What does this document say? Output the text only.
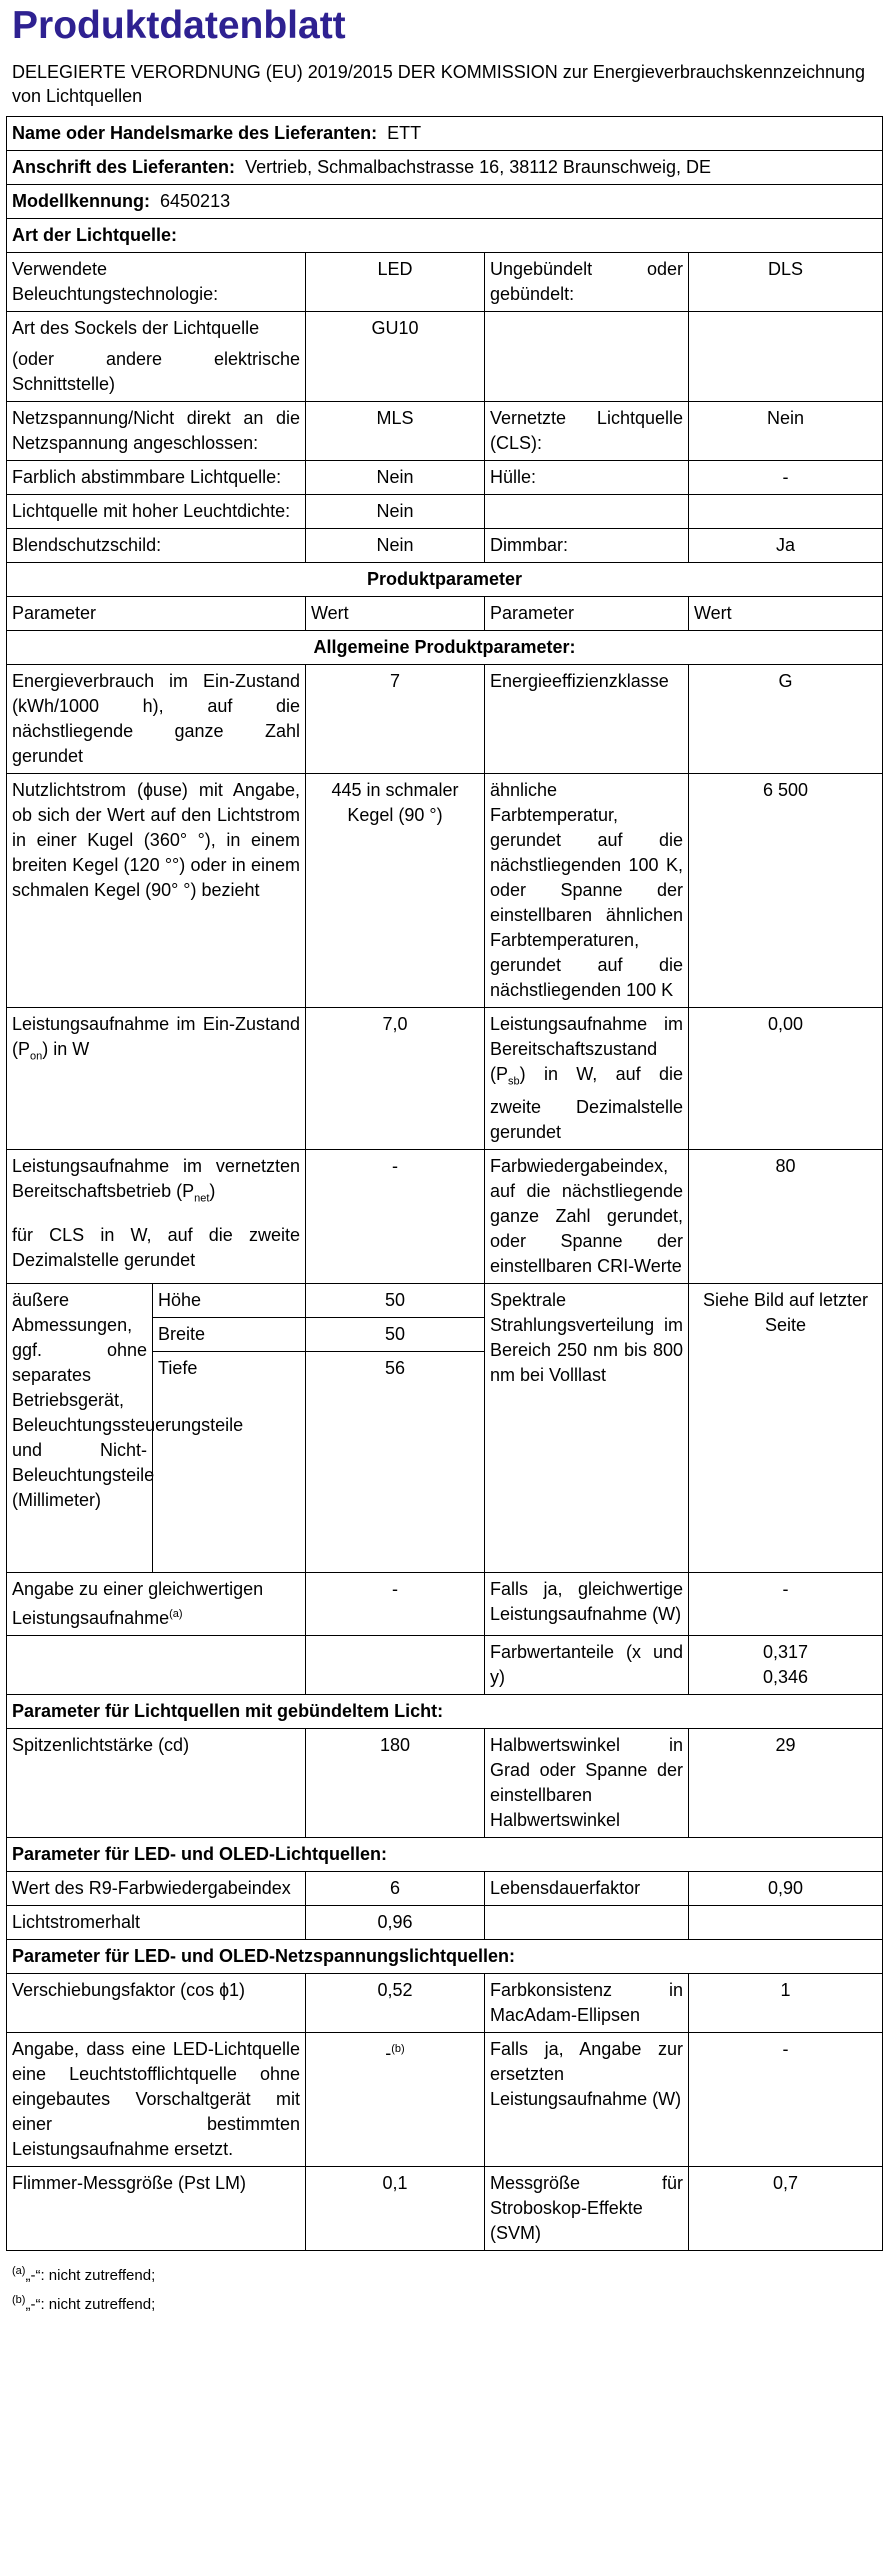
Produktdatenblatt
DELEGIERTE VERORDNUNG (EU) 2019/2015 DER KOMMISSION zur Energieverbrauchskennzeichnung von Lichtquellen
Name oder Handelsmarke des Lieferanten: ETT				
Anschrift des Lieferanten: Vertrieb, Schmalbachstrasse 16, 38112 Braunschweig, DE				
Modellkennung: 6450213				
Art der Lichtquelle:				
Verwendete Beleuchtungstechnologie:		LED	Ungebündelt oder gebündelt:	DLS

Art des Sockels der Lichtquelle
(oder andere elektrische Schnittstelle)		GU10		
Netzspannung/Nicht direkt an die Netzspannung angeschlossen:		MLS	Vernetzte Lichtquelle (CLS):	Nein
Farblich abstimmbare Lichtquelle:		Nein	Hülle:	-
Lichtquelle mit hoher Leuchtdichte:		Nein		
Blendschutzschild:		Nein	Dimmbar:	Ja
Produktparameter				
Parameter		Wert	Parameter	Wert
Allgemeine Produktparameter:				
Energieverbrauch im Ein-Zustand (kWh/1000 h), auf die nächstliegende ganze Zahl gerundet		7	Energieeffizienzklasse	G
Nutzlichtstrom (ɸuse) mit Angabe, ob sich der Wert auf den Lichtstrom in einer Kugel (360° °), in einem breiten Kegel (120 °°) oder in einem schmalen Kegel (90° °) bezieht		445 in schmaler Kegel (90 °)	ähnliche Farbtemperatur, gerundet auf die nächstliegenden 100 K, oder Spanne der einstellbaren ähnlichen Farbtemperaturen, gerundet auf die nächstliegenden 100 K	6 500
Leistungsaufnahme im Ein-Zustand $(P_{on})$ in W		7,0	Leistungsaufnahme im Bereitschaftszustand $(P_{sb})$ in W, auf die zweite Dezimalstelle gerundet	0,00

Leistungsaufnahme im vernetzten Bereitschaftsbetrieb $(P_{net})$
für CLS in W, auf die zweite Dezimalstelle gerundet		-	Farbwiedergabeindex, auf die nächstliegende ganze Zahl gerundet, oder Spanne der einstellbaren CRI-Werte	80
äußere Abmessungen, ggf. ohne separates Betriebsgerät, Beleuchtungssteuerungsteile und Nicht-Beleuchtungsteile (Millimeter)	Höhe	50	Spektrale Strahlungsverteilung im Bereich 250 nm bis 800 nm bei Volllast	Siehe Bild auf letzter Seite
	Breite	50		
	Tiefe	56		
Angabe zu einer gleichwertigen Leistungsaufnahme$^{(a)}$		-	Falls ja, gleichwertige Leistungsaufnahme (W)	-
			Farbwertanteile (x und y)	0,317
0,346

Parameter für Lichtquellen mit gebündeltem Licht:				
Spitzenlichtstärke (cd)		180	Halbwertswinkel in Grad oder Spanne der einstellbaren Halbwertswinkel	29
Parameter für LED- und OLED-Lichtquellen:				
Wert des R9-Farbwiedergabeindex		6	Lebensdauerfaktor	0,90
Lichtstromerhalt		0,96		
Parameter für LED- und OLED-Netzspannungslichtquellen:				
Verschiebungsfaktor (cos ɸ1)		0,52	Farbkonsistenz in MacAdam-Ellipsen	1
Angabe, dass eine LED-Lichtquelle eine Leuchtstofflichtquelle ohne eingebautes Vorschaltgerät mit einer bestimmten Leistungsaufnahme ersetzt.		-$^{(b)}$	Falls ja, Angabe zur ersetzten Leistungsaufnahme (W)	-
Flimmer-Messgröße (Pst LM)		0,1	Messgröße für Stroboskop-Effekte (SVM)	0,7
$^{(a)}$„-“: nicht zutreffend;
$^{(b)}$„-“: nicht zutreffend;
